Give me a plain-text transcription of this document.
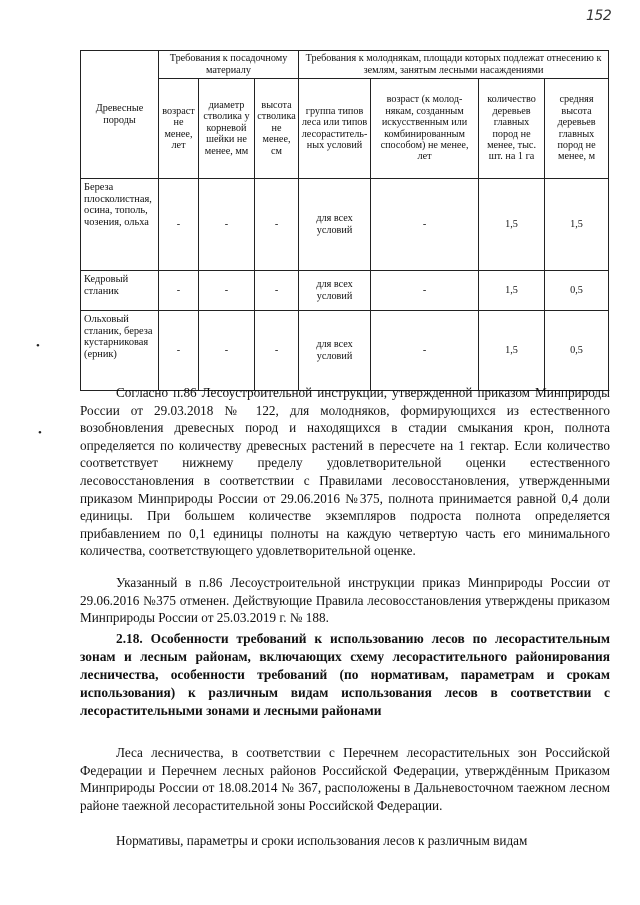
152
•
•
Древесные породы	Требования к посадочному материалу			Требования к молоднякам, площади которых подлежат отнесению к землям, занятым лесными насаждениями			
	возраст не менее, лет	диаметр стволика у корневой шейки не менее, мм	высота стволика не менее, см	группа типов леса или типов лесораститель-ных условий	возраст (к молод-някам, созданным искусственным или комбинированным способом) не менее, лет	количество деревьев главных пород не менее, тыс. шт. на 1 га	средняя высота деревьев главных пород не менее, м
Береза плосколистная, осина, тополь, чозения, ольха	-	-	-	для всех условий	-	1,5	1,5
Кедровый стланик	-	-	-	для всех условий	-	1,5	0,5
Ольховый стланик, береза кустарниковая (ерник)	-	-	-	для всех условий	-	1,5	0,5

Согласно п.86 Лесоустроительной инструкции, утвержденной приказом Минприроды России от 29.03.2018 № 122, для молодняков, формирующихся из естественного возобновления древесных пород и находящихся в стадии смыкания крон, полнота определяется по количеству древесных растений в пересчете на 1 гектар. Если количество соответствует нижнему пределу удовлетворительной оценки естественного лесовосстановления в соответствии с Правилами лесовосстановления, утвержденными приказом Минприроды России от 29.06.2016 №375, полнота принимается равной 0,4 доли единицы. При большем количестве экземпляров подроста полнота определяется прибавлением по 0,1 единицы полноты на каждую четвертую часть его минимального количества, соответствующего удовлетворительной оценке.

Указанный в п.86 Лесоустроительной инструкции приказ Минприроды России от 29.06.2016 №375 отменен. Действующие Правила лесовосстановления утверждены приказом Минприроды России от 25.03.2019 г. № 188.

2.18. Особенности требований к использованию лесов по лесорастительным зонам и лесным районам, включающих схему лесорастительного районирования лесничества, особенности требований (по нормативам, параметрам и срокам использования) к различным видам использования лесов в соответствии с лесорастительными зонами и лесными районами

Леса лесничества, в соответствии с Перечнем лесорастительных зон Российской Федерации и Перечнем лесных районов Российской Федерации, утверждённым Приказом Минприроды России от 18.08.2014 № 367, расположены в Дальневосточном таежном лесном районе таежной лесорастительной зоны Российской Федерации.

Нормативы, параметры и сроки использования лесов к различным видам
